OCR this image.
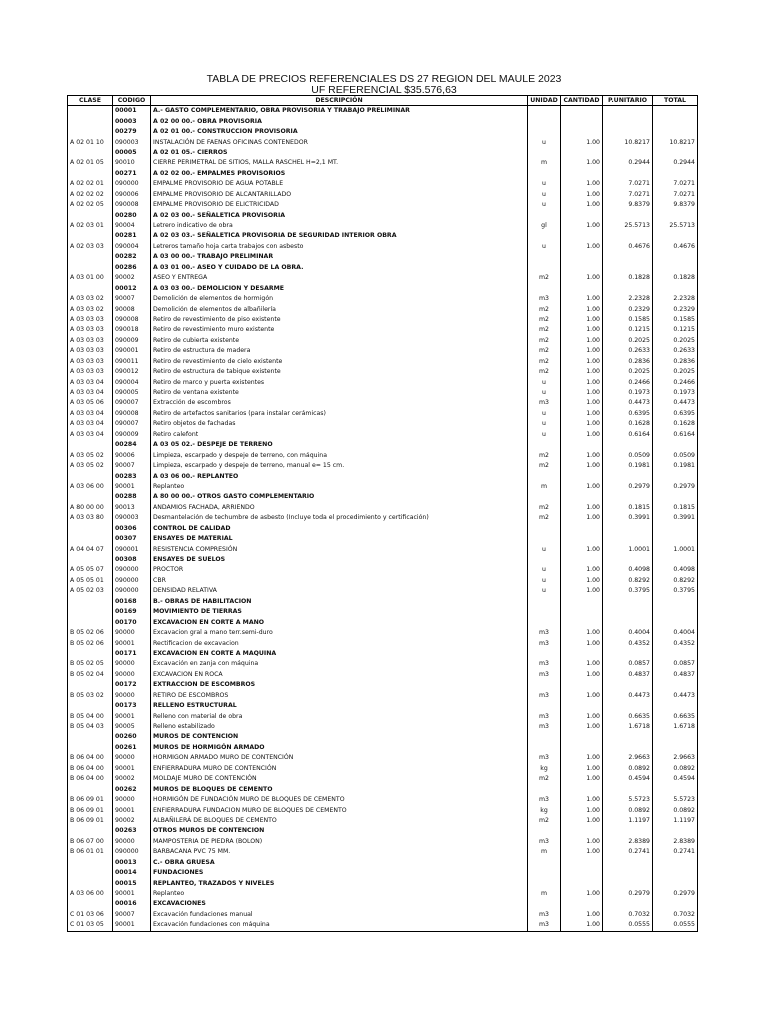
TABLA DE PRECIOS REFERENCIALES DS 27 REGION DEL MAULE 2023
UF REFERENCIAL $35.576,63
CLASE	CODIGO	DESCRIPCIÓN	UNIDAD	CANTIDAD	P.UNITARIO	TOTAL
	00001	A.- GASTO COMPLEMENTARIO, OBRA PROVISORIA Y TRABAJO PRELIMINAR				
	00003	A 02 00 00.- OBRA PROVISORIA				
	00279	A 02 01 00.- CONSTRUCCION PROVISORIA				
A 02 01 10	090003	INSTALACIÓN DE FAENAS OFICINAS CONTENEDOR	u	1.00	10.8217	10.8217
	00005	A 02 01 05.- CIERROS				
A 02 01 05	90010	CIERRE PERIMETRAL DE SITIOS, MALLA RASCHEL H=2,1 MT.	m	1.00	0.2944	0.2944
	00271	A 02 02 00.- EMPALMES PROVISORIOS				
A 02 02 01	090000	EMPALME PROVISORIO DE AGUA POTABLE	u	1.00	7.0271	7.0271
A 02 02 02	090006	EMPALME PROVISORIO DE ALCANTARILLADO	u	1.00	7.0271	7.0271
A 02 02 05	090008	EMPALME PROVISORIO DE ELICTRICIDAD	u	1.00	9.8379	9.8379
	00280	A 02 03 00.- SEÑALETICA PROVISORIA				
A 02 03 01	90004	Letrero indicativo de obra	gl	1.00	25.5713	25.5713
	00281	A 02 03 03.- SEÑALETICA PROVISORIA DE SEGURIDAD INTERIOR OBRA				
A 02 03 03	090004	Letreros tamaño hoja carta trabajos con asbesto	u	1.00	0.4676	0.4676
	00282	A 03 00 00.- TRABAJO PRELIMINAR				
	00286	A 03 01 00.- ASEO Y CUIDADO DE LA OBRA.				
A 03 01 00	90002	ASEO Y ENTREGA	m2	1.00	0.1828	0.1828
	00012	A 03 03 00.- DEMOLICION Y DESARME				
A 03 03 02	90007	Demolición de elementos de hormigón	m3	1.00	2.2328	2.2328
A 03 03 02	90008	Demolición de elementos de albañilería	m2	1.00	0.2329	0.2329
A 03 03 03	090008	Retiro de revestimiento de piso existente	m2	1.00	0.1585	0.1585
A 03 03 03	090018	Retiro de revestimiento muro existente	m2	1.00	0.1215	0.1215
A 03 03 03	090009	Retiro de cubierta existente	m2	1.00	0.2025	0.2025
A 03 03 03	090001	Retiro de estructura de madera	m2	1.00	0.2633	0.2633
A 03 03 03	090011	Retiro de revestimiento de cielo existente	m2	1.00	0.2836	0.2836
A 03 03 03	090012	Retiro de estructura de tabique existente	m2	1.00	0.2025	0.2025
A 03 03 04	090004	Retiro de marco y puerta existentes	u	1.00	0.2466	0.2466
A 03 03 04	090005	Retiro de ventana existente	u	1.00	0.1973	0.1973
A 03 05 06	090007	Extracción de escombros	m3	1.00	0.4473	0.4473
A 03 03 04	090008	Retiro de artefactos sanitarios (para instalar cerámicas)	u	1.00	0.6395	0.6395
A 03 03 04	090007	Retiro objetos de fachadas	u	1.00	0.1628	0.1628
A 03 03 04	090009	Retiro calefont	u	1.00	0.6164	0.6164
	00284	A 03 05 02.- DESPEJE DE TERRENO				
A 03 05 02	90006	Limpieza, escarpado y despeje de terreno, con máquina	m2	1.00	0.0509	0.0509
A 03 05 02	90007	Limpieza, escarpado y despeje de terreno, manual e= 15 cm.	m2	1.00	0.1981	0.1981
	00283	A 03 06 00.- REPLANTEO				
A 03 06 00	90001	Replanteo	m	1.00	0.2979	0.2979
	00288	A 80 00 00.- OTROS GASTO COMPLEMENTARIO				
A 80 00 00	90013	ANDAMIOS FACHADA, ARRIENDO	m2	1.00	0.1815	0.1815
A 03 03 80	090003	Desmantelación de techumbre de asbesto (Incluye toda el procedimiento y certificación)	m2	1.00	0.3991	0.3991
	00306	CONTROL DE CALIDAD				
	00307	ENSAYES DE MATERIAL				
A 04 04 07	090001	RESISTENCIA COMPRESIÓN	u	1.00	1.0001	1.0001
	00308	ENSAYES DE SUELOS				
A 05 05 07	090000	PROCTOR	u	1.00	0.4098	0.4098
A 05 05 01	090000	CBR	u	1.00	0.8292	0.8292
A 05 02 03	090000	DENSIDAD RELATIVA	u	1.00	0.3795	0.3795
	00168	B.- OBRAS DE HABILITACION				
	00169	MOVIMIENTO DE TIERRAS				
	00170	EXCAVACION EN CORTE A MANO				
B 05 02 06	90000	Excavacion gral a mano terr.semi-duro	m3	1.00	0.4004	0.4004
B 05 02 06	90001	Rectificacion de excavacion	m3	1.00	0.4352	0.4352
	00171	EXCAVACION EN CORTE A MAQUINA				
B 05 02 05	90000	Excavación en zanja con máquina	m3	1.00	0.0857	0.0857
B 05 02 04	90000	EXCAVACION EN ROCA	m3	1.00	0.4837	0.4837
	00172	EXTRACCION DE ESCOMBROS				
B 05 03 02	90000	RETIRO DE ESCOMBROS	m3	1.00	0.4473	0.4473
	00173	RELLENO ESTRUCTURAL				
B 05 04 00	90001	Relleno con material de obra	m3	1.00	0.6635	0.6635
B 05 04 03	90005	Relleno estabilizado	m3	1.00	1.6718	1.6718
	00260	MUROS DE CONTENCION				
	00261	MUROS DE HORMIGÓN ARMADO				
B 06 04 00	90000	HORMIGON ARMADO MURO DE CONTENCIÓN	m3	1.00	2.9663	2.9663
B 06 04 00	90001	ENFIERRADURA MURO DE CONTENCIÓN	kg	1.00	0.0892	0.0892
B 06 04 00	90002	MOLDAJE MURO DE CONTENCIÓN	m2	1.00	0.4594	0.4594
	00262	MUROS DE BLOQUES DE CEMENTO				
B 06 09 01	90000	HORMIGÓN DE FUNDACIÓN MURO DE BLOQUES DE CEMENTO	m3	1.00	5.5723	5.5723
B 06 09 01	90001	ENFIERRADURA FUNDACION MURO DE BLOQUES DE CEMENTO	kg	1.00	0.0892	0.0892
B 06 09 01	90002	ALBAÑILERÁ DE BLOQUES DE CEMENTO	m2	1.00	1.1197	1.1197
	00263	OTROS MUROS DE CONTENCION				
B 06 07 00	90000	MAMPOSTERIA DE PIEDRA (BOLON)	m3	1.00	2.8389	2.8389
B 06 01 01	090000	BARBACANA PVC 75 MM.	m	1.00	0.2741	0.2741
	00013	C.- OBRA GRUESA				
	00014	FUNDACIONES				
	00015	REPLANTEO, TRAZADOS Y NIVELES				
A 03 06 00	90001	Replanteo	m	1.00	0.2979	0.2979
	00016	EXCAVACIONES				
C 01 03 06	90007	Excavación fundaciones manual	m3	1.00	0.7032	0.7032
C 01 03 05	90001	Excavación fundaciones con máquina	m3	1.00	0.0555	0.0555
